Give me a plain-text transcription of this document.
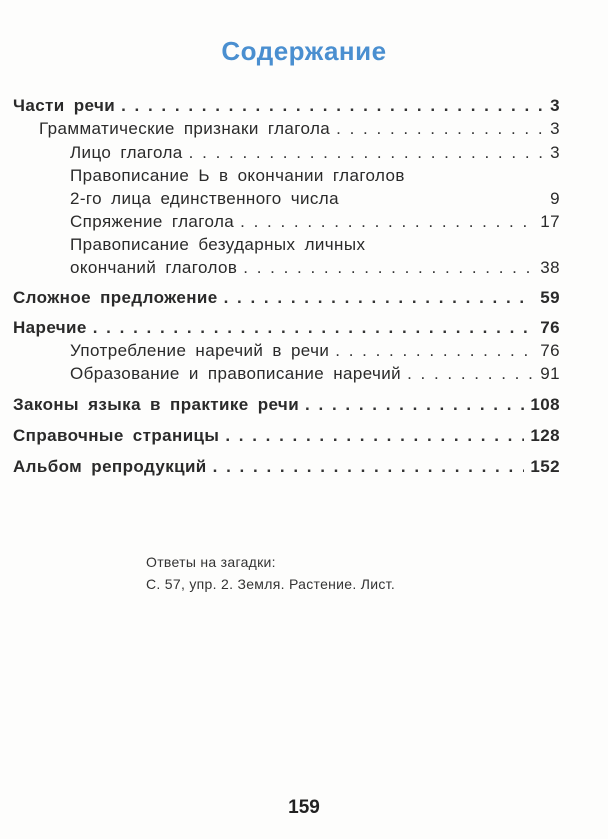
Содержание
Части речи . . .	3
Грамматические признаки глагола . . .	3
Лицо глагола . . .	3
Правописание Ь в окончании глаголов
2-го лица единственного числа	9
Спряжение глагола . . .	17
Правописание безударных личных
окончаний глаголов . . .	38
Сложное предложение . . .	59
Наречие . . .	76
Употребление наречий в речи . . .	76
Образование и правописание наречий . . .	91
Законы языка в практике речи . . .	108
Справочные страницы . . .	128
Альбом репродукций . . .	152
Ответы на загадки:
С. 57, упр. 2. Земля. Растение. Лист.
159
